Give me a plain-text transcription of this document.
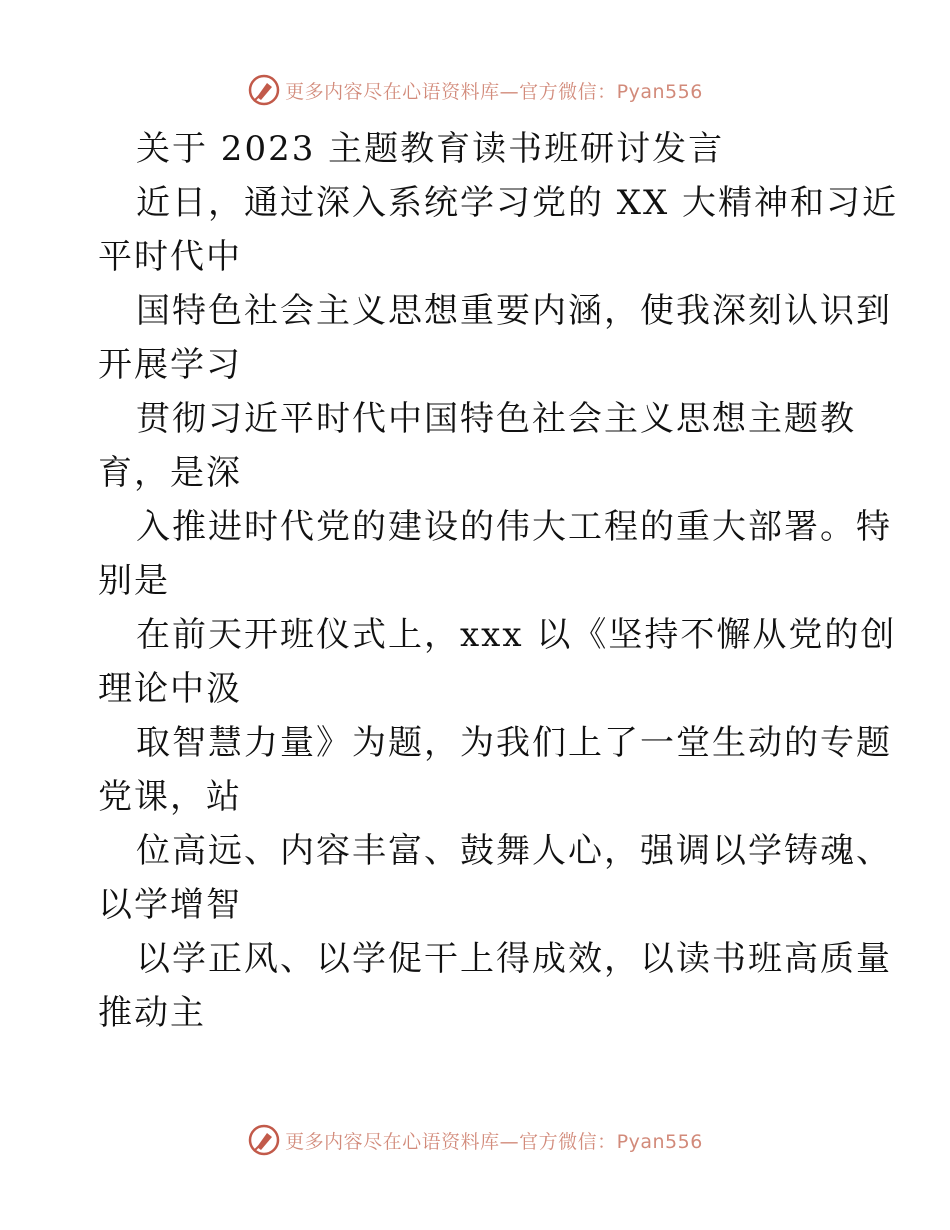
更多内容尽在心语资料库—官方微信：Pyan556
关于 2023 主题教育读书班研讨发言
近日，通过深入系统学习党的 XX 大精神和习近
平时代中
国特色社会主义思想重要内涵，使我深刻认识到
开展学习
贯彻习近平时代中国特色社会主义思想主题教
育，是深
入推进时代党的建设的伟大工程的重大部署。特
别是
在前天开班仪式上，xxx 以《坚持不懈从党的创
理论中汲
取智慧力量》为题，为我们上了一堂生动的专题
党课，站
位高远、内容丰富、鼓舞人心，强调以学铸魂、
以学增智
以学正风、以学促干上得成效，以读书班高质量
推动主
更多内容尽在心语资料库—官方微信：Pyan556
